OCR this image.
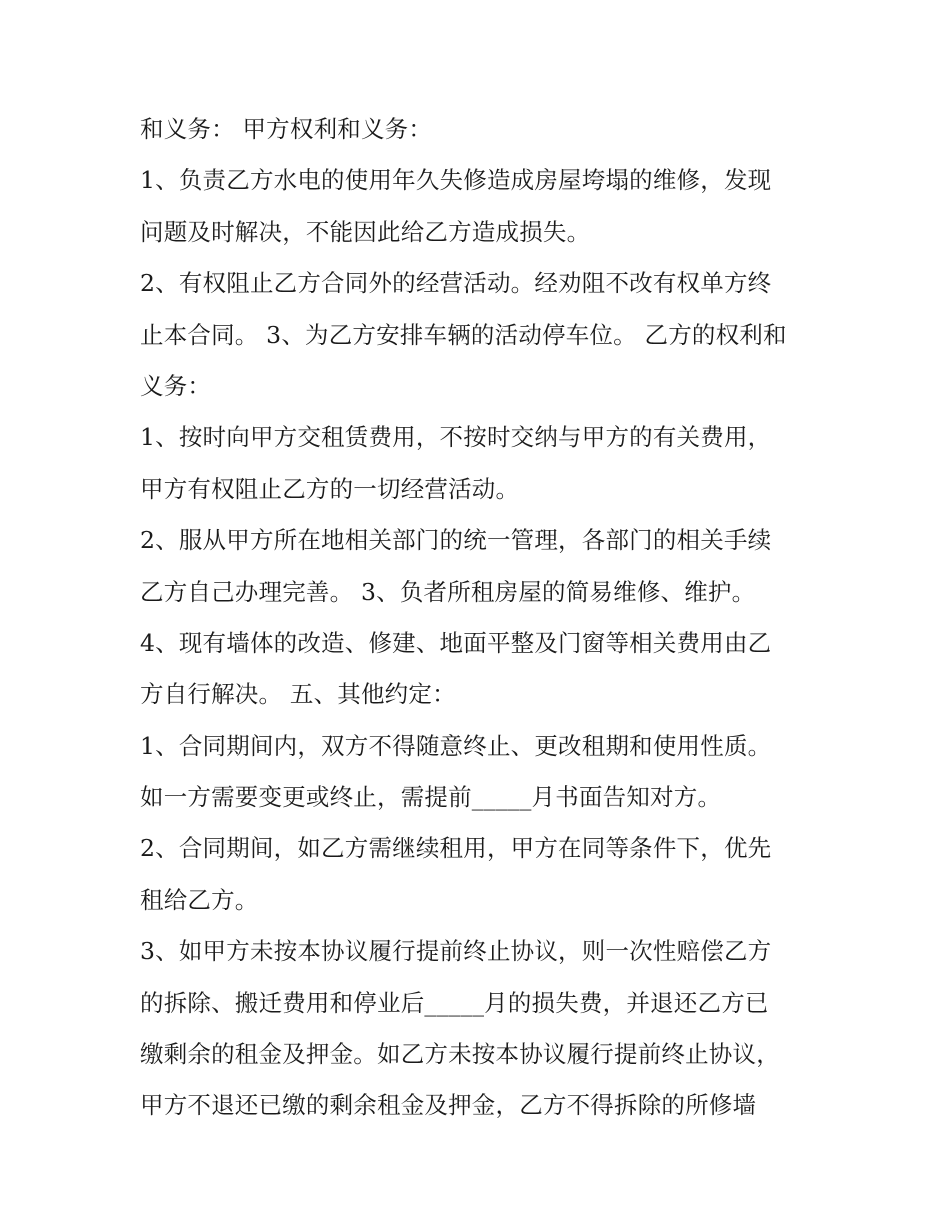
和义务： 甲方权利和义务：
1、负责乙方水电的使用年久失修造成房屋垮塌的维修，发现
问题及时解决，不能因此给乙方造成损失。
2、有权阻止乙方合同外的经营活动。经劝阻不改有权单方终
止本合同。 3、为乙方安排车辆的活动停车位。 乙方的权利和
义务：
1、按时向甲方交租赁费用，不按时交纳与甲方的有关费用，
甲方有权阻止乙方的一切经营活动。
2、服从甲方所在地相关部门的统一管理，各部门的相关手续
乙方自己办理完善。 3、负者所租房屋的简易维修、维护。
4、现有墙体的改造、修建、地面平整及门窗等相关费用由乙
方自行解决。 五、其他约定：
1、合同期间内，双方不得随意终止、更改租期和使用性质。
如一方需要变更或终止，需提前_____月书面告知对方。
2、合同期间，如乙方需继续租用，甲方在同等条件下，优先
租给乙方。
3、如甲方未按本协议履行提前终止协议，则一次性赔偿乙方
的拆除、搬迁费用和停业后_____月的损失费，并退还乙方已
缴剩余的租金及押金。如乙方未按本协议履行提前终止协议，
甲方不退还已缴的剩余租金及押金，乙方不得拆除的所修墙
